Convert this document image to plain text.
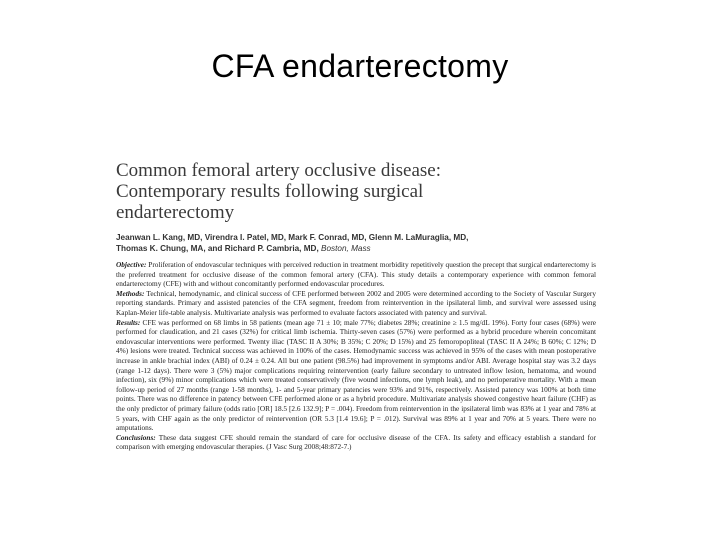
CFA endarterectomy
Common femoral artery occlusive disease:
Contemporary results following surgical
endarterectomy
Jeanwan L. Kang, MD, Virendra I. Patel, MD, Mark F. Conrad, MD, Glenn M. LaMuraglia, MD,
Thomas K. Chung, MA, and Richard P. Cambria, MD, Boston, Mass

Objective: Proliferation of endovascular techniques with perceived reduction in treatment morbidity repetitively question the precept that surgical endarterectomy is the preferred treatment for occlusive disease of the common femoral artery (CFA). This study details a contemporary experience with common femoral endarterectomy (CFE) with and without concomitantly performed endovascular procedures.

Methods: Technical, hemodynamic, and clinical success of CFE performed between 2002 and 2005 were determined according to the Society of Vascular Surgery reporting standards. Primary and assisted patencies of the CFA segment, freedom from reintervention in the ipsilateral limb, and survival were assessed using Kaplan-Meier life-table analysis. Multivariate analysis was performed to evaluate factors associated with patency and survival.

Results: CFE was performed on 68 limbs in 58 patients (mean age 71 ± 10; male 77%; diabetes 28%; creatinine ≥ 1.5 mg/dL 19%). Forty four cases (68%) were performed for claudication, and 21 cases (32%) for critical limb ischemia. Thirty-seven cases (57%) were performed as a hybrid procedure wherein concomitant endovascular interventions were performed. Twenty iliac (TASC II A 30%; B 35%; C 20%; D 15%) and 25 femoropopliteal (TASC II A 24%; B 60%; C 12%; D 4%) lesions were treated. Technical success was achieved in 100% of the cases. Hemodynamic success was achieved in 95% of the cases with mean postoperative increase in ankle brachial index (ABI) of 0.24 ± 0.24. All but one patient (98.5%) had improvement in symptoms and/or ABI. Average hospital stay was 3.2 days (range 1-12 days). There were 3 (5%) major complications requiring reintervention (early failure secondary to untreated inflow lesion, hematoma, and wound infection), six (9%) minor complications which were treated conservatively (five wound infections, one lymph leak), and no perioperative mortality. With a mean follow-up period of 27 months (range 1-58 months), 1- and 5-year primary patencies were 93% and 91%, respectively. Assisted patency was 100% at both time points. There was no difference in patency between CFE performed alone or as a hybrid procedure. Multivariate analysis showed congestive heart failure (CHF) as the only predictor of primary failure (odds ratio [OR] 18.5 [2.6 132.9]; P = .004). Freedom from reintervention in the ipsilateral limb was 83% at 1 year and 78% at 5 years, with CHF again as the only predictor of reintervention (OR 5.3 [1.4 19.6]; P = .012). Survival was 89% at 1 year and 70% at 5 years. There were no amputations.

Conclusions: These data suggest CFE should remain the standard of care for occlusive disease of the CFA. Its safety and efficacy establish a standard for comparison with emerging endovascular therapies. (J Vasc Surg 2008;48:872-7.)
